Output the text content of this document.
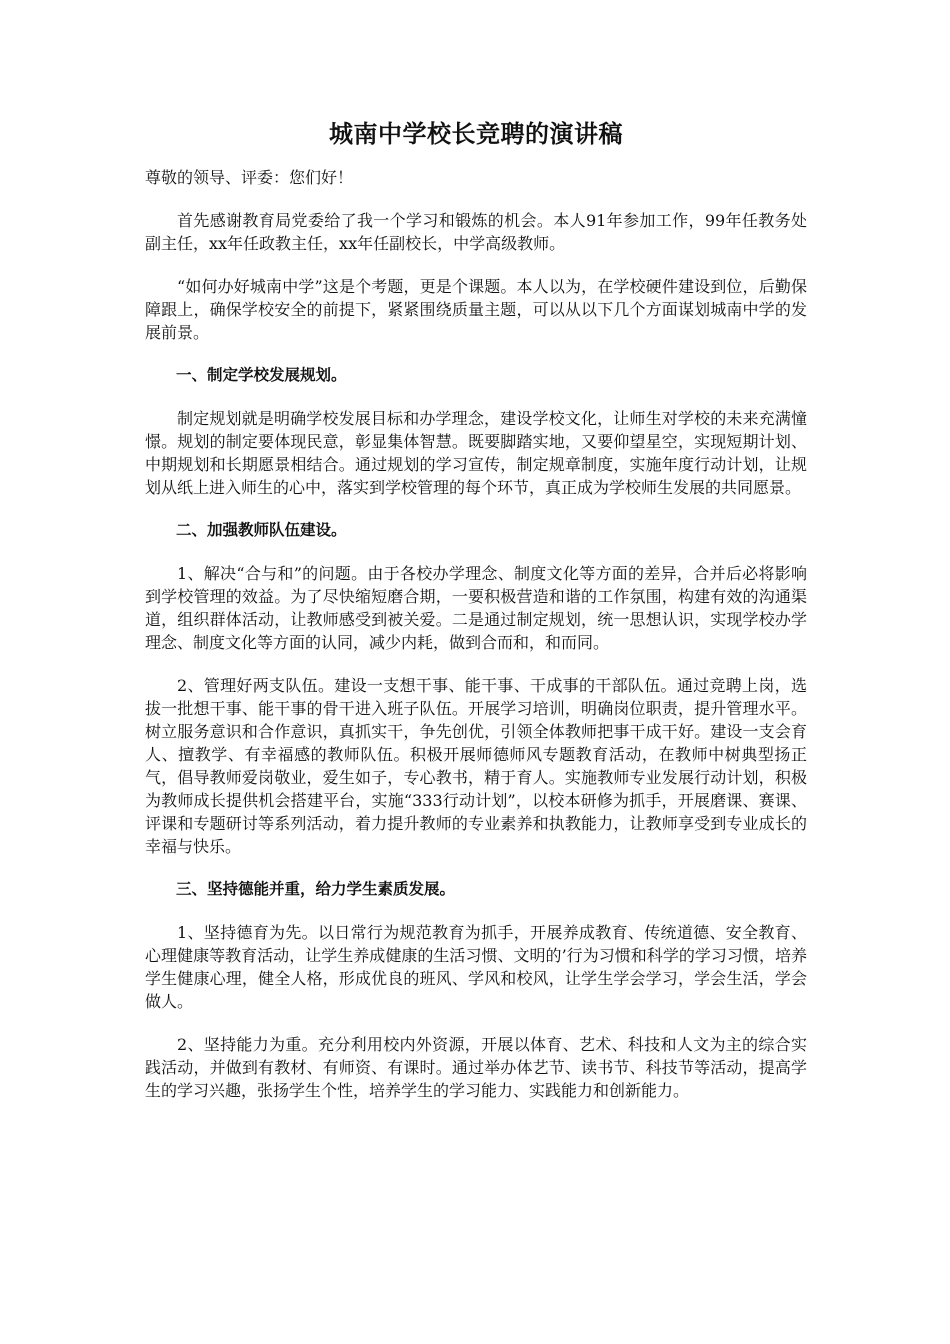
城南中学校长竞聘的演讲稿

尊敬的领导、评委：您们好！

首先感谢教育局党委给了我一个学习和锻炼的机会。本人91年参加工作，99年任教务处副主任，xx年任政教主任，xx年任副校长，中学高级教师。

“如何办好城南中学”这是个考题，更是个课题。本人以为，在学校硬件建设到位，后勤保障跟上，确保学校安全的前提下，紧紧围绕质量主题，可以从以下几个方面谋划城南中学的发展前景。

一、制定学校发展规划。

制定规划就是明确学校发展目标和办学理念，建设学校文化，让师生对学校的未来充满憧憬。规划的制定要体现民意，彰显集体智慧。既要脚踏实地，又要仰望星空，实现短期计划、中期规划和长期愿景相结合。通过规划的学习宣传，制定规章制度，实施年度行动计划，让规划从纸上进入师生的心中，落实到学校管理的每个环节，真正成为学校师生发展的共同愿景。

二、加强教师队伍建设。

1、解决“合与和”的问题。由于各校办学理念、制度文化等方面的差异，合并后必将影响到学校管理的效益。为了尽快缩短磨合期，一要积极营造和谐的工作氛围，构建有效的沟通渠道，组织群体活动，让教师感受到被关爱。二是通过制定规划，统一思想认识，实现学校办学理念、制度文化等方面的认同，减少内耗，做到合而和，和而同。

2、管理好两支队伍。建设一支想干事、能干事、干成事的干部队伍。通过竞聘上岗，选拔一批想干事、能干事的骨干进入班子队伍。开展学习培训，明确岗位职责，提升管理水平。树立服务意识和合作意识，真抓实干，争先创优，引领全体教师把事干成干好。建设一支会育人、擅教学、有幸福感的教师队伍。积极开展师德师风专题教育活动，在教师中树典型扬正气，倡导教师爱岗敬业，爱生如子，专心教书，精于育人。实施教师专业发展行动计划，积极为教师成长提供机会搭建平台，实施“333行动计划”，以校本研修为抓手，开展磨课、赛课、评课和专题研讨等系列活动，着力提升教师的专业素养和执教能力，让教师享受到专业成长的幸福与快乐。

三、坚持德能并重，给力学生素质发展。

1、坚持德育为先。以日常行为规范教育为抓手，开展养成教育、传统道德、安全教育、心理健康等教育活动，让学生养成健康的生活习惯、文明的’行为习惯和科学的学习习惯，培养学生健康心理，健全人格，形成优良的班风、学风和校风，让学生学会学习，学会生活，学会做人。

2、坚持能力为重。充分利用校内外资源，开展以体育、艺术、科技和人文为主的综合实践活动，并做到有教材、有师资、有课时。通过举办体艺节、读书节、科技节等活动，提高学生的学习兴趣，张扬学生个性，培养学生的学习能力、实践能力和创新能力。
